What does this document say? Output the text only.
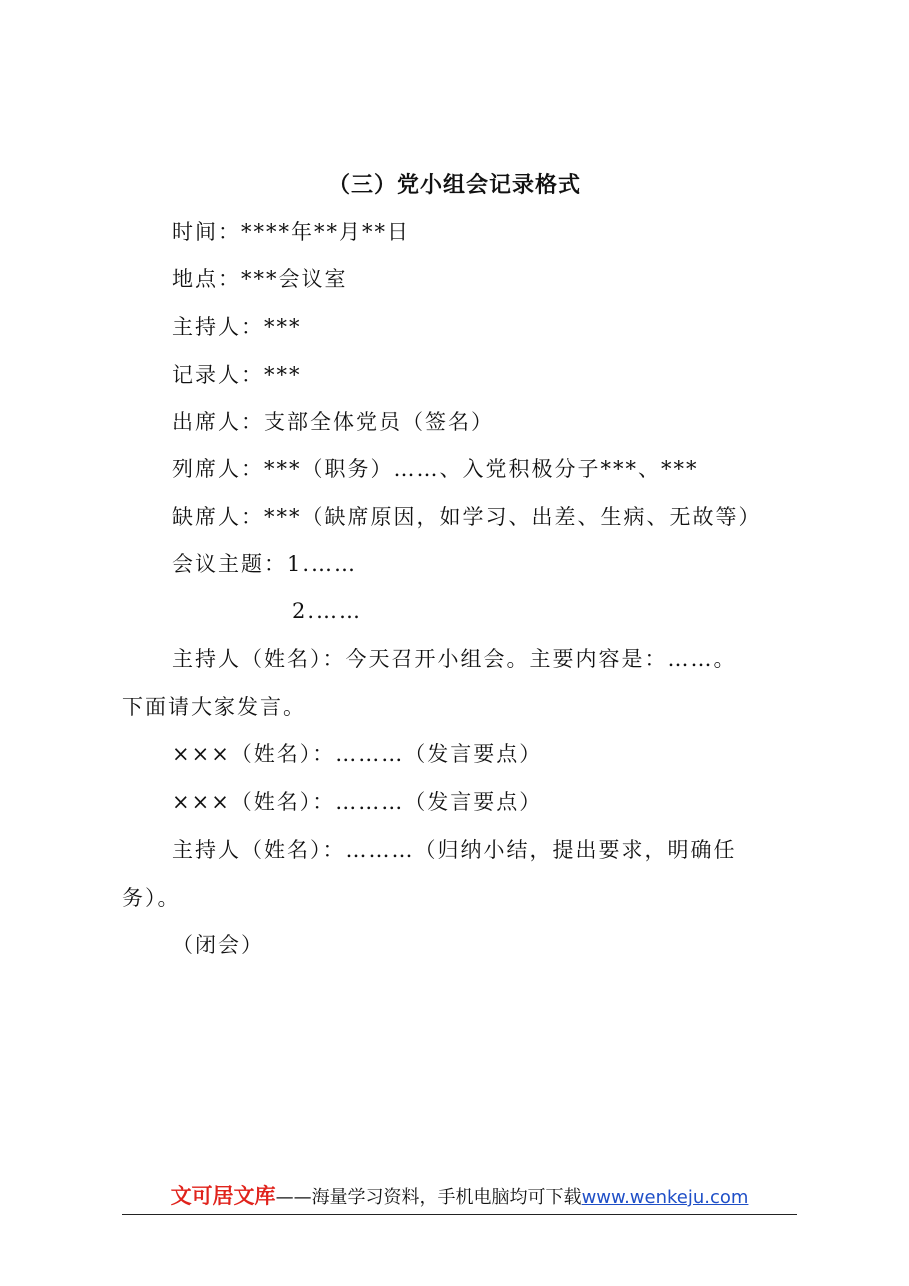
（三）党小组会记录格式
时间：****年**月**日
地点：***会议室
主持人：***
记录人：***
出席人：支部全体党员（签名）
列席人：***（职务）……、入党积极分子***、***
缺席人：***（缺席原因，如学习、出差、生病、无故等）
会议主题：1.……
2.……
主持人（姓名）：今天召开小组会。主要内容是：……。
下面请大家发言。
×××（姓名）：………（发言要点）
×××（姓名）：………（发言要点）
主持人（姓名）：………（归纳小结，提出要求，明确任
务）。
（闭会）
文可居文库——海量学习资料，手机电脑均可下载www.wenkeju.com
